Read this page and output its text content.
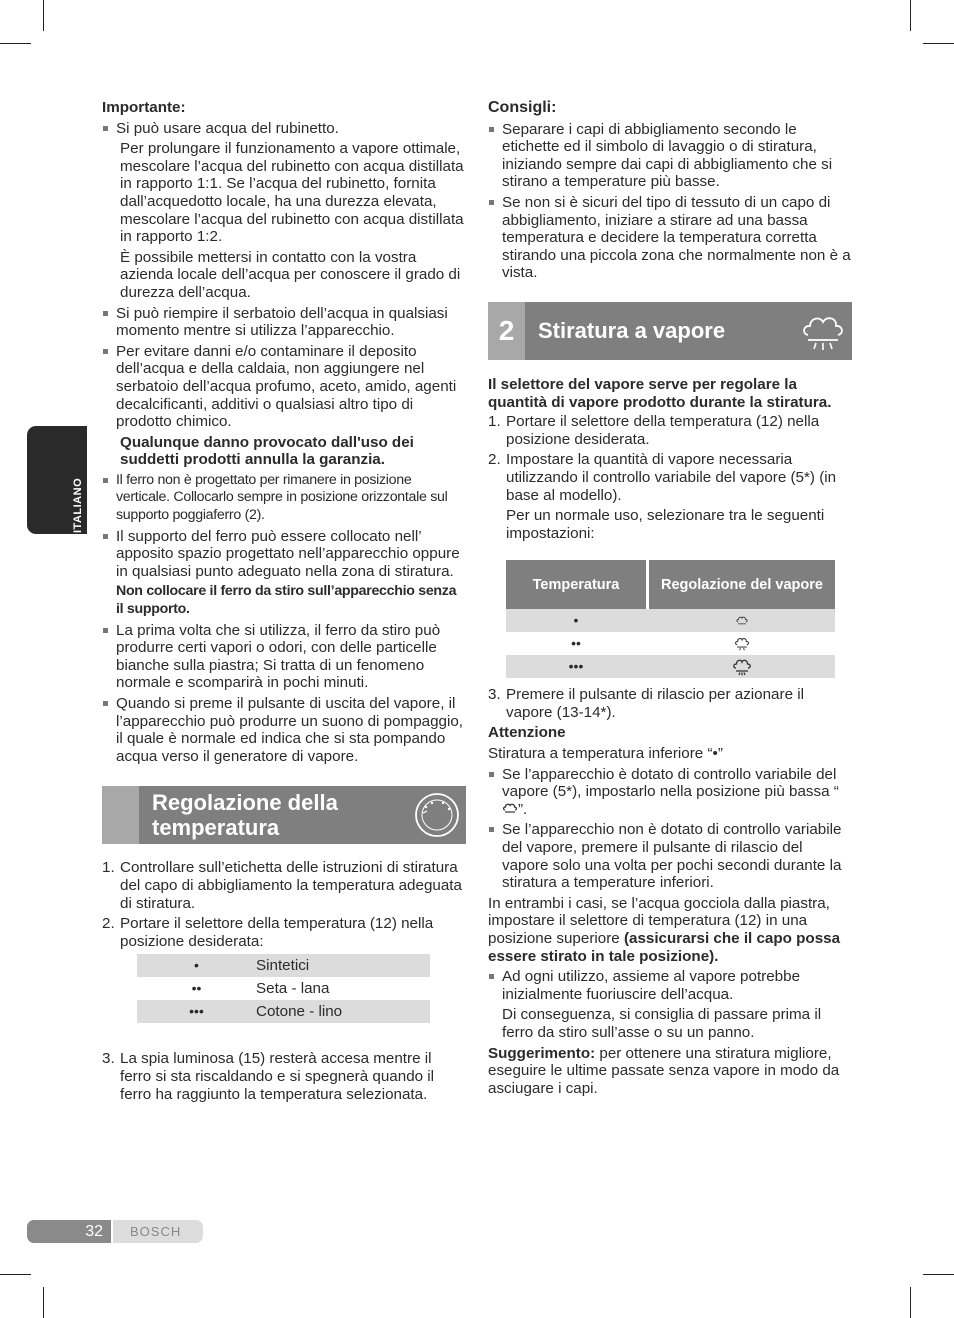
ITALIANO

Importante:

Si può usare acqua del rubinetto.

Per prolungare il funzionamento a vapore ottimale, mescolare l’acqua del rubinetto con acqua distillata in rapporto 1:1. Se l’acqua del rubinetto, fornita dall’acquedotto locale, ha una durezza elevata, mescolare l’acqua del rubinetto con acqua distillata in rapporto 1:2.

È possibile mettersi in contatto con la vostra azienda locale dell’acqua per conoscere il grado di durezza dell’acqua.

Si può riempire il serbatoio dell’acqua in qualsiasi momento mentre si utilizza l’apparecchio.

Per evitare danni e/o contaminare il deposito dell’acqua e della caldaia, non aggiungere nel serbatoio dell’acqua profumo, aceto, amido, agenti decalcificanti, additivi o qualsiasi altro tipo di prodotto chimico.

Qualunque danno provocato dall'uso dei suddetti prodotti annulla la garanzia.

Il ferro non è progettato per rimanere in posizione verticale. Collocarlo sempre in posizione orizzontale sul supporto poggiaferro (2).

Il supporto del ferro può essere collocato nell’ apposito spazio progettato nell’apparecchio oppure in qualsiasi punto adeguato nella zona di stiratura.

Non collocare il ferro da stiro sull’apparecchio senza il supporto.

La prima volta che si utilizza, il ferro da stiro può produrre certi vapori o odori, con delle particelle bianche sulla piastra; Si tratta di un fenomeno normale e scomparirà in pochi minuti.

Quando si preme il pulsante di uscita del vapore, il l’apparecchio può produrre un suono di pompaggio, il quale è normale ed indica che si sta pompando acqua verso il generatore di vapore.

Regolazione della temperatura

1. Controllare sull’etichetta delle istruzioni di stiratura del capo di abbigliamento la temperatura adeguata di stiratura.

2. Portare il selettore della temperatura (12) nella posizione desiderata:

•	Sintetici
••	Seta - lana
•••	Cotone - lino

3. La spia luminosa (15) resterà accesa mentre il ferro si sta riscaldando e si spegnerà quando il ferro ha raggiunto la temperatura selezionata.

Consigli:

Separare i capi di abbigliamento secondo le etichette ed il simbolo di lavaggio o di stiratura, iniziando sempre dai capi di abbigliamento che si stirano a temperature più basse.

Se non si è sicuri del tipo di tessuto di un capo di abbigliamento, iniziare a stirare ad una bassa temperatura e decidere la temperatura corretta stirando una piccola zona che normalmente non è a vista.

2	Stiratura a vapore

Il selettore del vapore serve per regolare la quantità di vapore prodotto durante la stiratura.

1. Portare il selettore della temperatura (12) nella posizione desiderata.

2. Impostare la quantità di vapore necessaria utilizzando il controllo variabile del vapore (5*) (in base al modello).

Per un normale uso, selezionare tra le seguenti impostazioni:

Temperatura	Regolazione del vapore
•	
••	
•••	

3. Premere il pulsante di rilascio per azionare il vapore (13-14*).

Attenzione

Stiratura a temperatura inferiore “•”

Se l’apparecchio è dotato di controllo variabile del vapore (5*), impostarlo nella posizione più bassa “”.

Se l’apparecchio non è dotato di controllo variabile del vapore, premere il pulsante di rilascio del vapore solo una volta per pochi secondi durante la stiratura a temperature inferiori.

In entrambi i casi, se l’acqua gocciola dalla piastra, impostare il selettore di temperatura (12) in una posizione superiore (assicurarsi che il capo possa essere stirato in tale posizione).

Ad ogni utilizzo, assieme al vapore potrebbe inizialmente fuoriuscire dell’acqua.

Di conseguenza, si consiglia di passare prima il ferro da stiro sull’asse o su un panno.

Suggerimento: per ottenere una stiratura migliore, eseguire le ultime passate senza vapore in modo da asciugare i capi.

32	BOSCH
